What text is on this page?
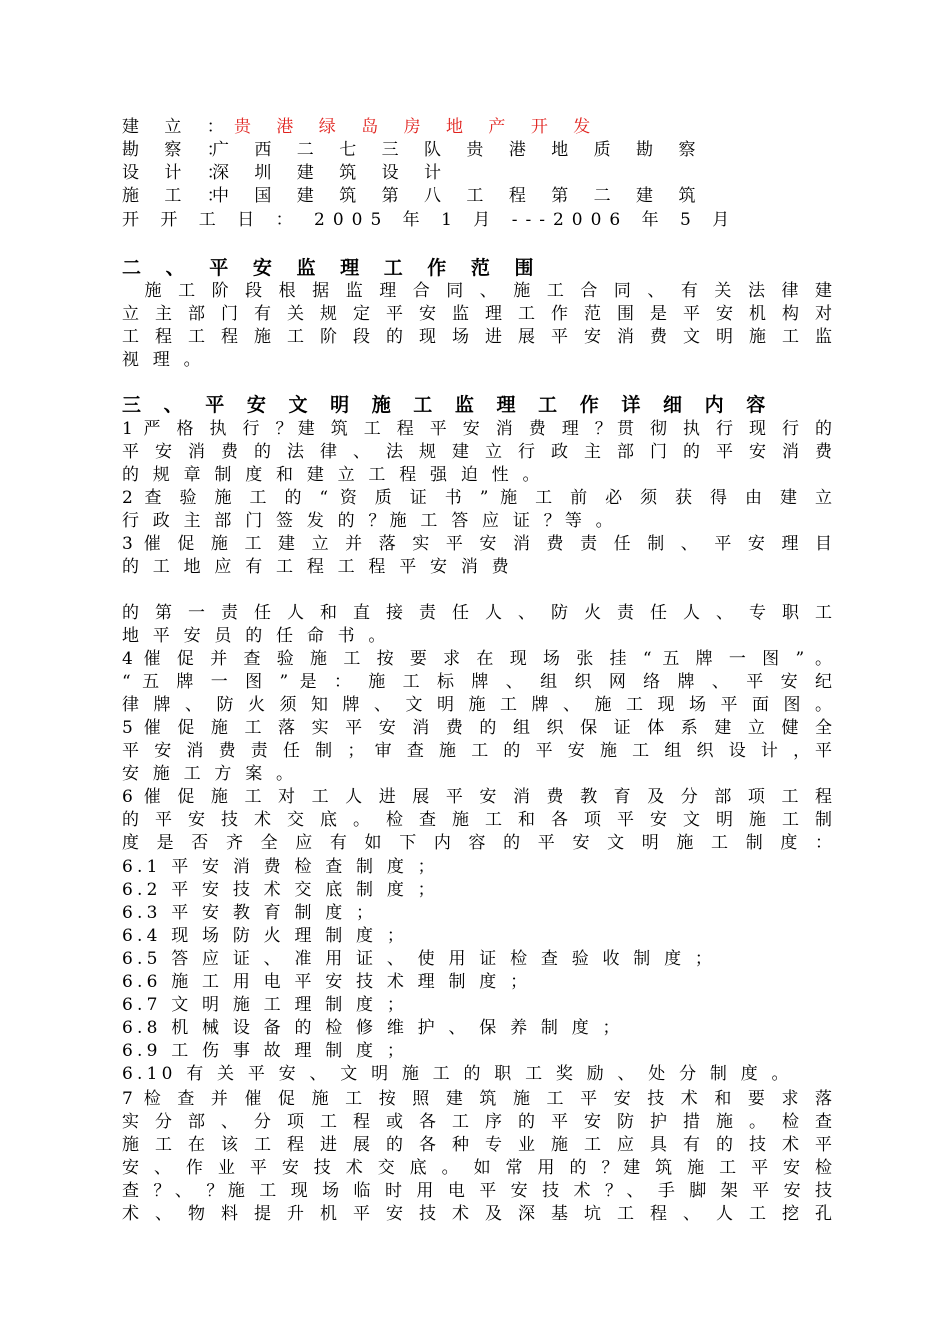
建 立 ：贵 港 绿 岛 房 地 产 开 发
勘 察 ：广 西 二 七 三 队 贵 港 地 质 勘 察
设 计 ：深 圳 建 筑 设 计
施 工 ：中 国 建 筑 第 八 工 程 第 二 建 筑
开 开 工 日 ： 2005 年 1 月 ---2006 年 5 月
二 、 平 安 监 理 工 作 范 围
　施 工 阶 段 根 据 监 理 合 同 、 施 工 合 同 、 有 关 法 律 建
立 主 部 门 有 关 规 定 平 安 监 理 工 作 范 围 是 平 安 机 构 对
工 程 工 程 施 工 阶 段 的 现 场 进 展 平 安 消 费 文 明 施 工 监
视 理 。
三 、 平 安 文 明 施 工 监 理 工 作 详 细 内 容
1 严 格 执 行 ？建 筑 工 程 平 安 消 费 理 ？贯 彻 执 行 现 行 的
平 安 消 费 的 法 律 、 法 规 建 立 行 政 主 部 门 的 平 安 消 费
的 规 章 制 度 和 建 立 工 程 强 迫 性 。
2 查 验 施 工 的 “ 资 质 证 书 ” 施 工 前 必 须 获 得 由 建 立
行 政 主 部 门 签 发 的 ？施 工 答 应 证 ？等 。
3 催 促 施 工 建 立 并 落 实 平 安 消 费 责 任 制 、 平 安 理 目
的 工 地 应 有 工 程 工 程 平 安 消 费
的 第 一 责 任 人 和 直 接 责 任 人 、 防 火 责 任 人 、 专 职 工
地 平 安 员 的 任 命 书 。
4 催 促 并 查 验 施 工 按 要 求 在 现 场 张 挂 “ 五 牌 一 图 ” 。
“ 五 牌 一 图 ” 是 ： 施 工 标 牌 、 组 织 网 络 牌 、 平 安 纪
律 牌 、 防 火 须 知 牌 、 文 明 施 工 牌 、 施 工 现 场 平 面 图 。
5 催 促 施 工 落 实 平 安 消 费 的 组 织 保 证 体 系 建 立 健 全
平 安 消 费 责 任 制 ； 审 查 施 工 的 平 安 施 工 组 织 设 计 ，平
安 施 工 方 案 。
6 催 促 施 工 对 工 人 进 展 平 安 消 费 教 育 及 分 部 项 工 程
的 平 安 技 术 交 底 。 检 查 施 工 和 各 项 平 安 文 明 施 工 制
度 是 否 齐 全 应 有 如 下 内 容 的 平 安 文 明 施 工 制 度 ：
6.1 平 安 消 费 检 查 制 度 ；
6.2 平 安 技 术 交 底 制 度 ；
6.3 平 安 教 育 制 度 ；
6.4 现 场 防 火 理 制 度 ；
6.5 答 应 证 、 准 用 证 、 使 用 证 检 查 验 收 制 度 ；
6.6 施 工 用 电 平 安 技 术 理 制 度 ；
6.7 文 明 施 工 理 制 度 ；
6.8 机 械 设 备 的 检 修 维 护 、 保 养 制 度 ；
6.9 工 伤 事 故 理 制 度 ；
6.10 有 关 平 安 、 文 明 施 工 的 职 工 奖 励 、 处 分 制 度 。
7 检 查 并 催 促 施 工 按 照 建 筑 施 工 平 安 技 术 和 要 求 落
实 分 部 、 分 项 工 程 或 各 工 序 的 平 安 防 护 措 施 。 检 查
施 工 在 该 工 程 进 展 的 各 种 专 业 施 工 应 具 有 的 技 术 平
安 、 作 业 平 安 技 术 交 底 。 如 常 用 的 ？建 筑 施 工 平 安 检
查 ？、 ？施 工 现 场 临 时 用 电 平 安 技 术 ？、 手 脚 架 平 安 技
术 、 物 料 提 升 机 平 安 技 术 及 深 基 坑 工 程 、 人 工 挖 孔
